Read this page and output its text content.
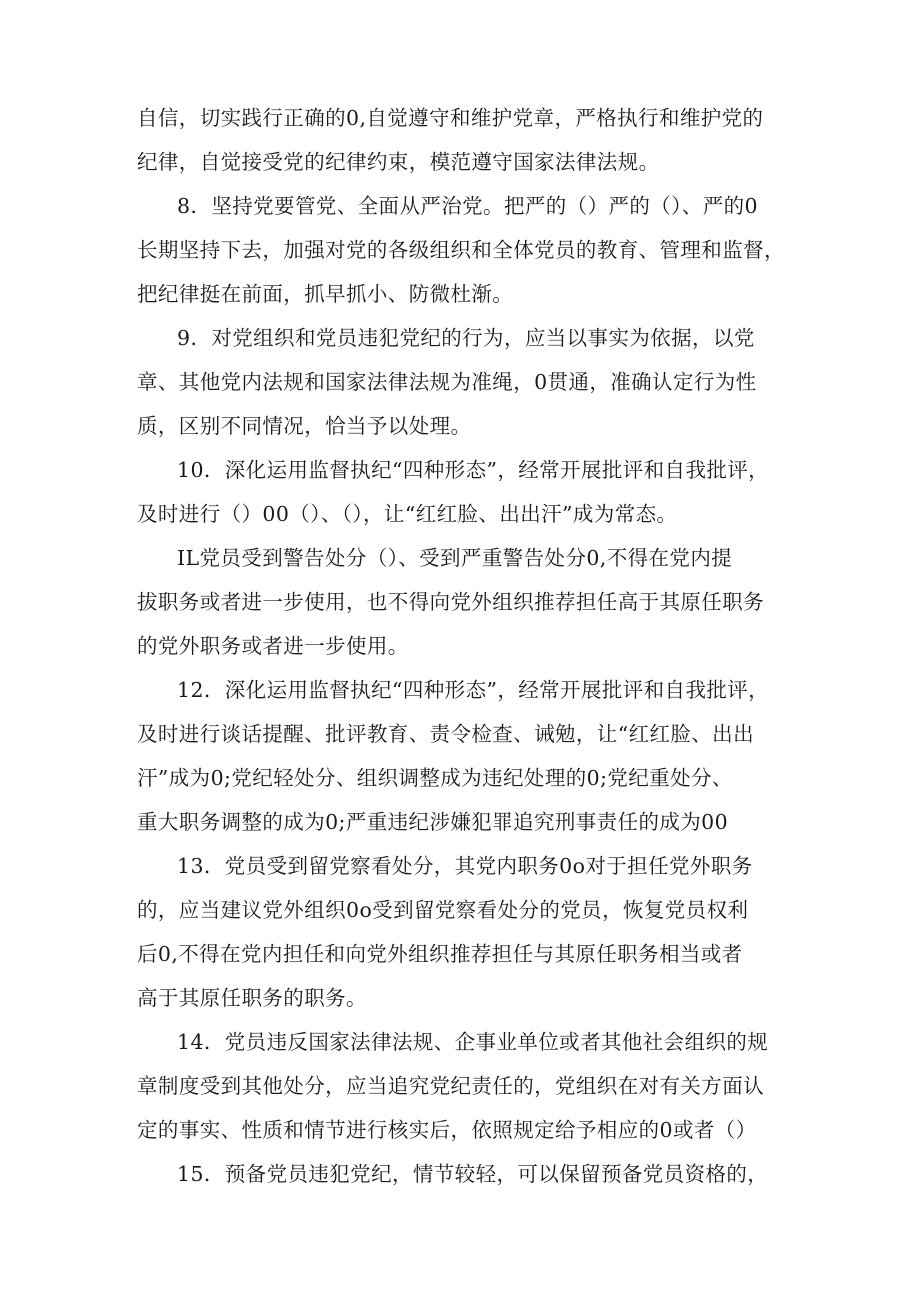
自信，切实践行正确的0,自觉遵守和维护党章，严格执行和维护党的
纪律，自觉接受党的纪律约束，模范遵守国家法律法规。
8．坚持党要管党、全面从严治党。把严的（）严的（）、严的0
长期坚持下去，加强对党的各级组织和全体党员的教育、管理和监督，
把纪律挺在前面，抓早抓小、防微杜渐。
9．对党组织和党员违犯党纪的行为，应当以事实为依据，以党
章、其他党内法规和国家法律法规为准绳，0贯通，准确认定行为性
质，区别不同情况，恰当予以处理。
10．深化运用监督执纪“四种形态”，经常开展批评和自我批评，
及时进行（）00（）、（），让“红红脸、出出汗”成为常态。
IL党员受到警告处分（）、受到严重警告处分0,不得在党内提
拔职务或者进一步使用，也不得向党外组织推荐担任高于其原任职务
的党外职务或者进一步使用。
12．深化运用监督执纪“四种形态”，经常开展批评和自我批评，
及时进行谈话提醒、批评教育、责令检查、诫勉，让“红红脸、出出
汗”成为0;党纪轻处分、组织调整成为违纪处理的0;党纪重处分、
重大职务调整的成为0;严重违纪涉嫌犯罪追究刑事责任的成为00
13．党员受到留党察看处分，其党内职务0o对于担任党外职务
的，应当建议党外组织0o受到留党察看处分的党员，恢复党员权利
后0,不得在党内担任和向党外组织推荐担任与其原任职务相当或者
高于其原任职务的职务。
14．党员违反国家法律法规、企事业单位或者其他社会组织的规
章制度受到其他处分，应当追究党纪责任的，党组织在对有关方面认
定的事实、性质和情节进行核实后，依照规定给予相应的0或者（）
15．预备党员违犯党纪，情节较轻，可以保留预备党员资格的，
